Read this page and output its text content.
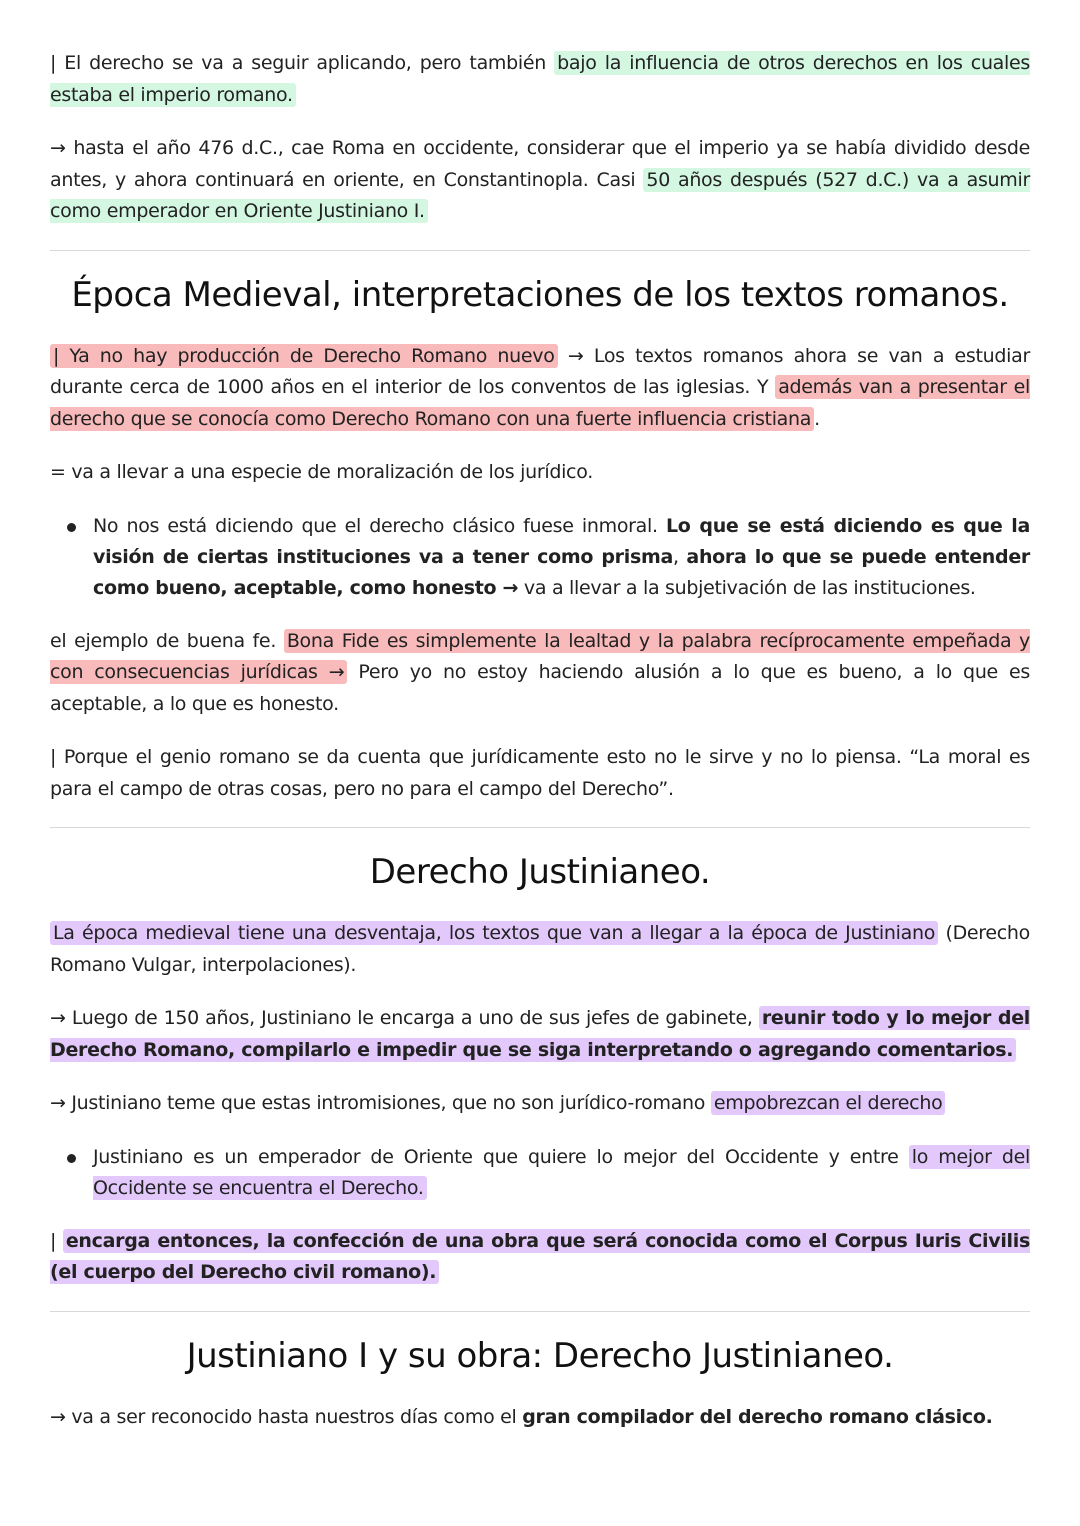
| El derecho se va a seguir aplicando, pero también bajo la influencia de otros derechos en los cuales estaba el imperio romano.

→ hasta el año 476 d.C., cae Roma en occidente, considerar que el imperio ya se había dividido desde antes, y ahora continuará en oriente, en Constantinopla. Casi 50 años después (527 d.C.) va a asumir como emperador en Oriente Justiniano I.

Época Medieval, interpretaciones de los textos romanos.

| Ya no hay producción de Derecho Romano nuevo → Los textos romanos ahora se van a estudiar durante cerca de 1000 años en el interior de los conventos de las iglesias. Y además van a presentar el derecho que se conocía como Derecho Romano con una fuerte influencia cristiana .

= va a llevar a una especie de moralización de los jurídico.

No nos está diciendo que el derecho clásico fuese inmoral. Lo que se está diciendo es que la visión de ciertas instituciones va a tener como prisma, ahora lo que se puede entender como bueno, aceptable, como honesto → va a llevar a la subjetivación de las instituciones.

el ejemplo de buena fe. Bona Fide es simplemente la lealtad y la palabra recíprocamente empeñada y con consecuencias jurídicas → Pero yo no estoy haciendo alusión a lo que es bueno, a lo que es aceptable, a lo que es honesto.

| Porque el genio romano se da cuenta que jurídicamente esto no le sirve y no lo piensa. “La moral es para el campo de otras cosas, pero no para el campo del Derecho”.

Derecho Justinianeo.

La época medieval tiene una desventaja, los textos que van a llegar a la época de Justiniano (Derecho Romano Vulgar, interpolaciones).

→ Luego de 150 años, Justiniano le encarga a uno de sus jefes de gabinete, reunir todo y lo mejor del Derecho Romano, compilarlo e impedir que se siga interpretando o agregando comentarios.

→ Justiniano teme que estas intromisiones, que no son jurídico-romano empobrezcan el derecho

Justiniano es un emperador de Oriente que quiere lo mejor del Occidente y entre lo mejor del Occidente se encuentra el Derecho.

| encarga entonces, la confección de una obra que será conocida como el Corpus Iuris Civilis (el cuerpo del Derecho civil romano).

Justiniano I y su obra: Derecho Justinianeo.

→ va a ser reconocido hasta nuestros días como el gran compilador del derecho romano clásico.
